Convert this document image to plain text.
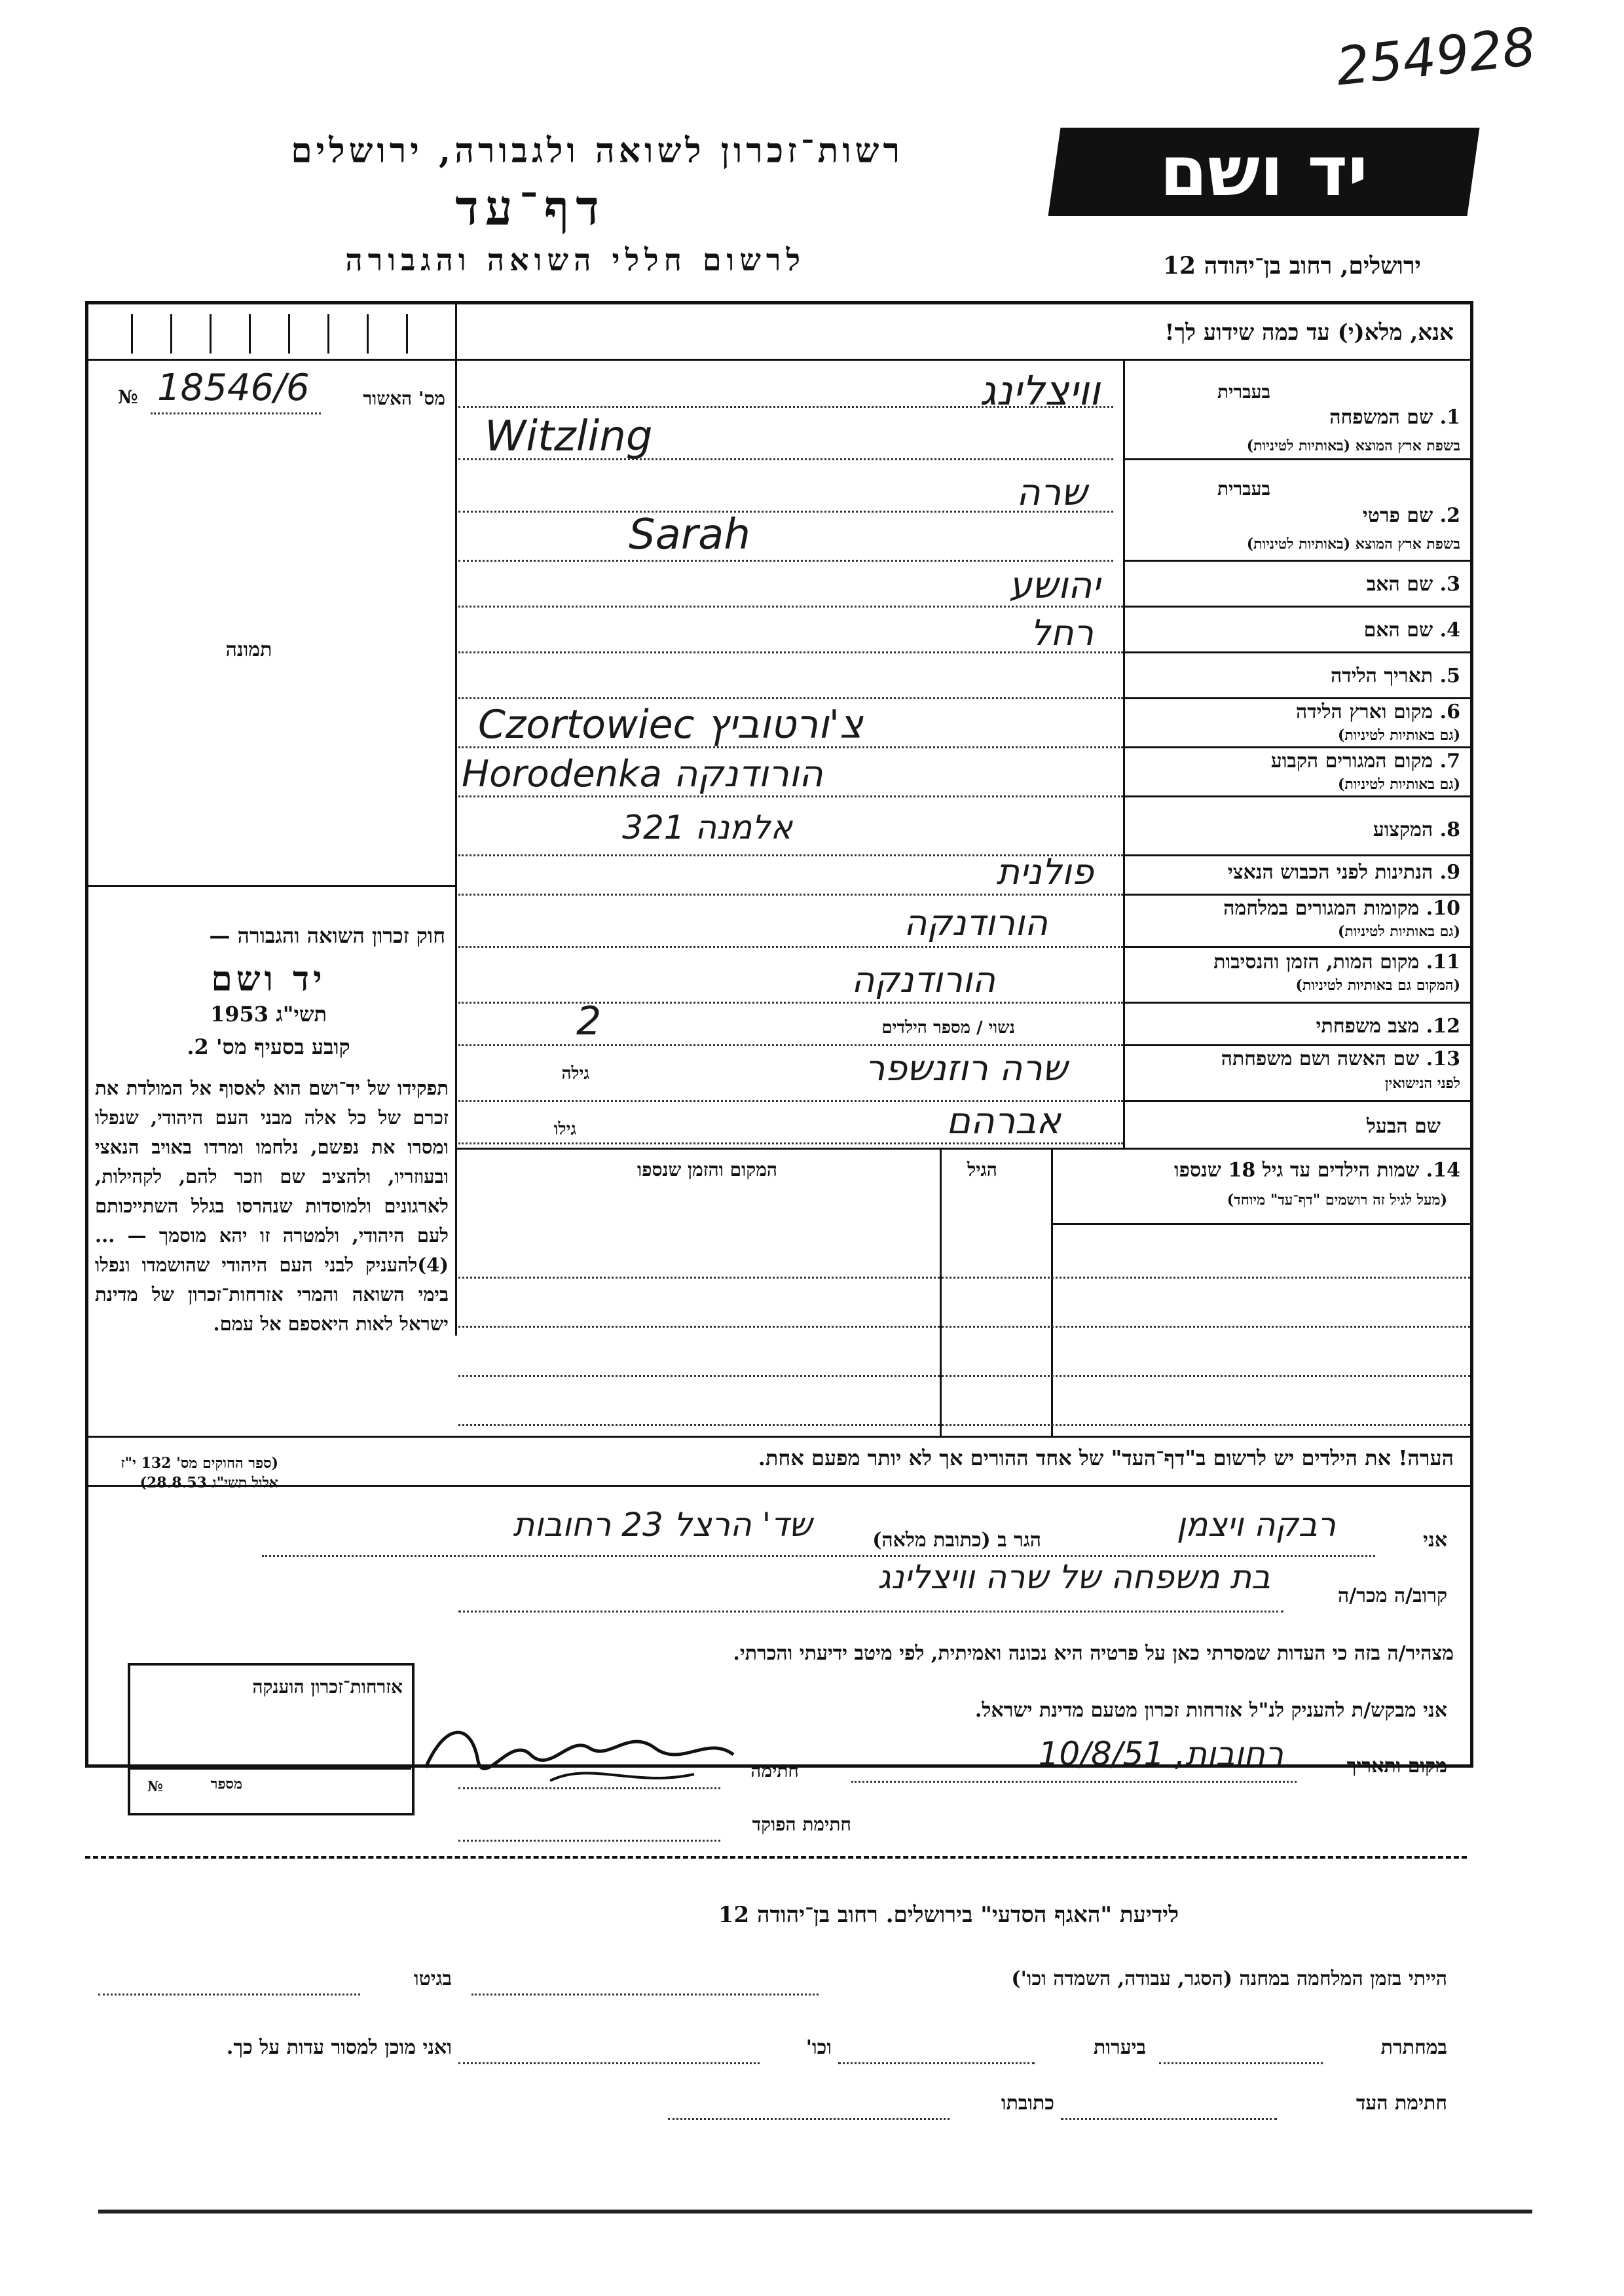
254928
יד ושם
רשות־זכרון לשואה ולגבורה, ירושלים
דף־עד
לרשום חללי השואה והגבורה	ירושלים, רחוב בן־יהודה 12
אנא, מלא(י) עד כמה שידוע לך!
№ 18546/6	מס' האשור
תמונה
חוק זכרון השואה והגבורה —
יד ושם
תשי"ג 1953
קובע בסעיף מס' 2.
תפקידו של יד־ושם הוא לאסוף אל המולדת את זכרם של כל אלה מבני העם היהודי, שנפלו ומסרו את נפשם, נלחמו ומרדו באויב הנאצי ובעוזריו, ולהציב שם וזכר להם, לקהילות, לארגונים ולמוסדות שנהרסו בגלל השתייכותם לעם היהודי, ולמטרה זו יהא מוסמך — ...(4)להעניק לבני העם היהודי שהושמדו ונפלו בימי השואה והמרי אזרחות־זכרון של מדינת ישראל לאות היאספם אל עמם.
(ספר החוקים מס' 132 י"ז אלול תשי"ג 28.8.53)
1. שם המשפחה
בשפת ארץ המוצא (באותיות לטיניות)
בעברית
וויצלינג
Witzling
2. שם פרטי
בשפת ארץ המוצא (באותיות לטיניות)
בעברית
שרה
Sarah
3. שם האב
יהושע
4. שם האם
רחל
5. תאריך הלידה
6. מקום וארץ הלידה
(גם באותיות לטיניות)
Czortowiec צ'ורטוביץ
7. מקום המגורים הקבוע
(גם באותיות לטיניות)
Horodenka הורודנקה
8. המקצוע
אלמנה 321
9. הנתינות לפני הכבוש הנאצי
פולנית
10. מקומות המגורים במלחמה
(גם באותיות לטיניות)
הורודנקה
11. מקום המות, הזמן והנסיבות
(המקום גם באותיות לטיניות)
הורודנקה
12. מצב משפחתי
נשוי / מספר הילדים
2
13. שם האשה ושם משפחתה
לפני הנישואין
גילה	שרה רוזנשפר
שם הבעל
גילו	אברהם
14. שמות הילדים עד גיל 18 שנספו
(מעל לגיל זה רושמים "דף־עד" מיוחד)
הגיל
המקום והזמן שנספו
הערה! את הילדים יש לרשום ב"דף־העד" של אחד ההורים אך לא יותר מפעם אחת.
אני
רבקה ויצמן
הגר ב (כתובת מלאה)
שד' הרצל 23 רחובות
קרוב/ה מכר/ה
בת משפחה של שרה וויצלינג
מצהיר/ה בזה כי העדות שמסרתי כאן על פרטיה היא נכונה ואמיתית, לפי מיטב ידיעתי והכרתי.
אני מבקש/ת להעניק לנ"ל אזרחות זכרון מטעם מדינת ישראל.
מקום ותאריך
רחובות, 10/8/51
חתימה
חתימת הפוקד
אזרחות־זכרון הוענקה
מספר
№
לידיעת "האגף הסדעי" בירושלים. רחוב בן־יהודה 12
הייתי בזמן המלחמה במחנה (הסגר, עבודה, השמדה וכו')
בגיטו
במחתרת
ביערות
וכו'
ואני מוכן למסור עדות על כך.
חתימת העד
כתובתו
